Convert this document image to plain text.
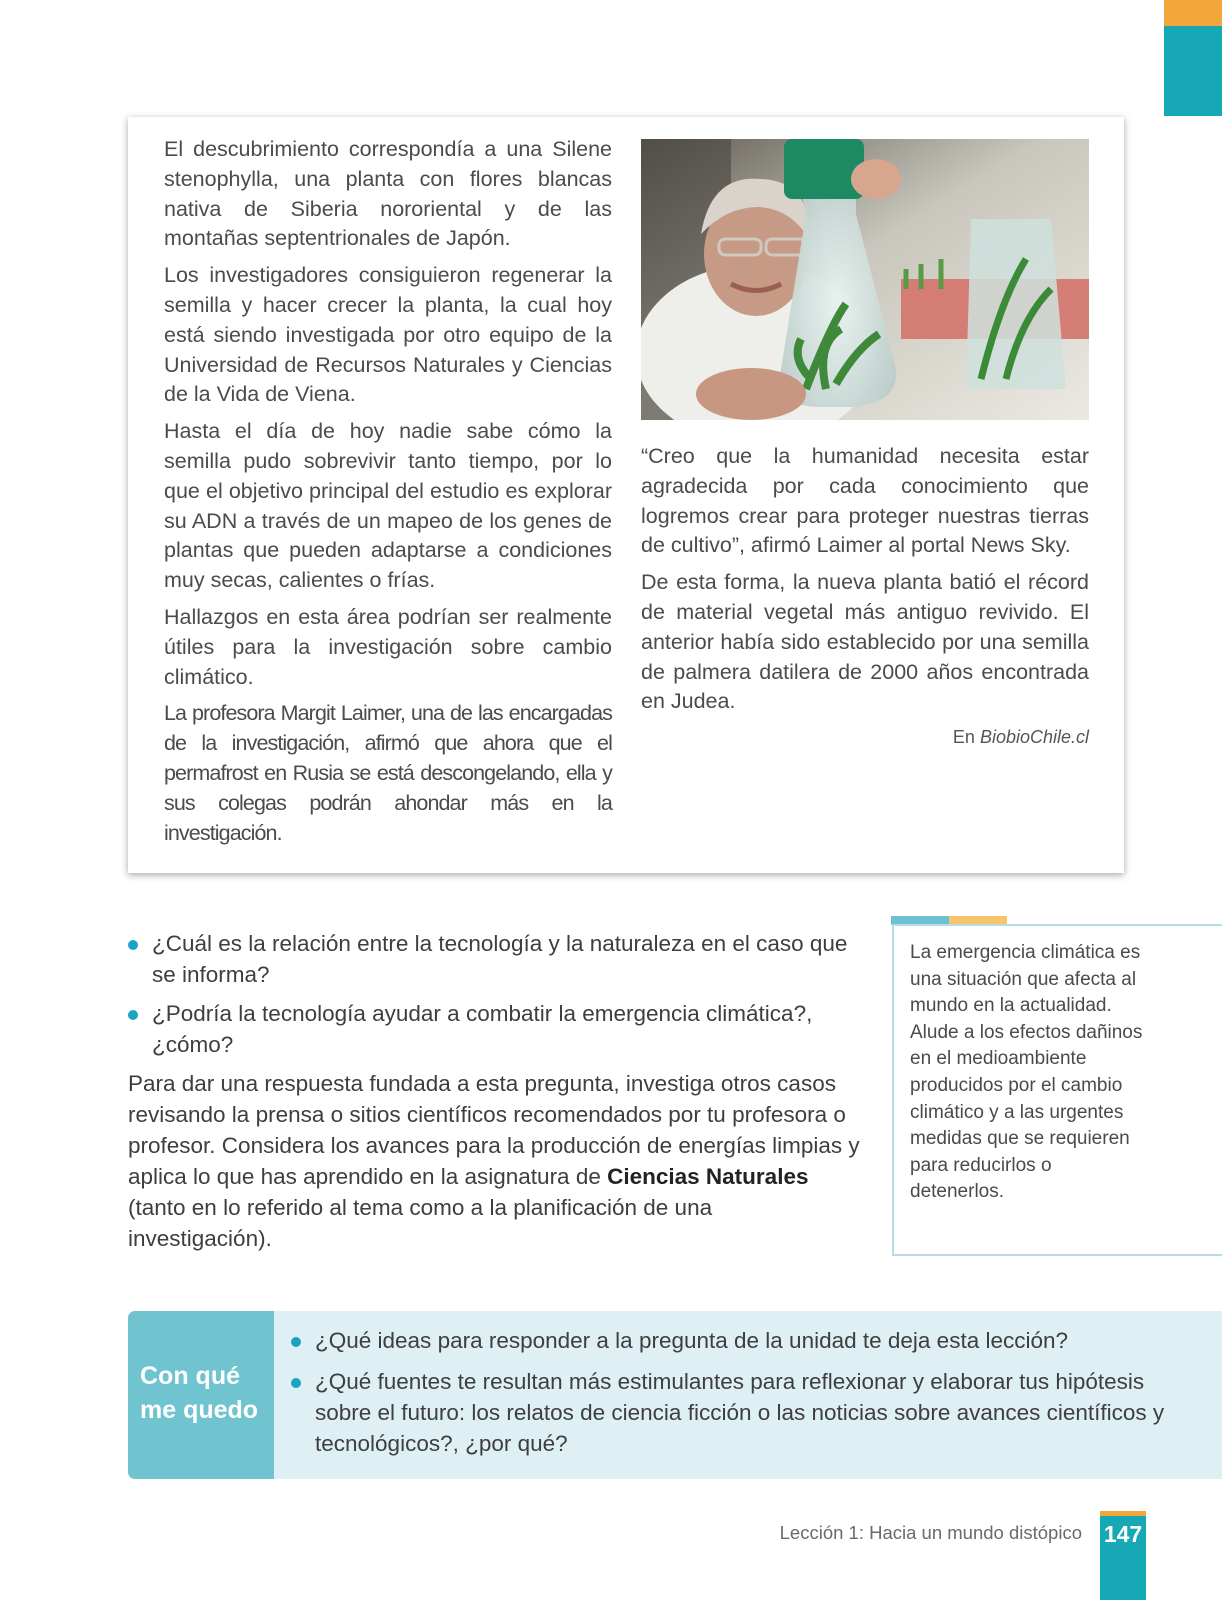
El descubrimiento correspondía a una Silene stenophylla, una planta con flores blancas nativa de Siberia nororiental y de las montañas septentrionales de Japón.

Los investigadores consiguieron regenerar la semilla y hacer crecer la planta, la cual hoy está siendo investigada por otro equipo de la Universidad de Recursos Naturales y Ciencias de la Vida de Viena.

Hasta el día de hoy nadie sabe cómo la semilla pudo sobrevivir tanto tiempo, por lo que el objetivo principal del estudio es explorar su ADN a través de un mapeo de los genes de plantas que pueden adaptarse a condiciones muy secas, calientes o frías.

Hallazgos en esta área podrían ser realmente útiles para la investigación sobre cambio climático.

La profesora Margit Laimer, una de las encargadas de la investigación, afirmó que ahora que el permafrost en Rusia se está descongelando, ella y sus colegas podrán ahondar más en la investigación.

“Creo que la humanidad necesita estar agradecida por cada conocimiento que logremos crear para proteger nuestras tierras de cultivo”, afirmó Laimer al portal News Sky.

De esta forma, la nueva planta batió el récord de material vegetal más antiguo revivido. El anterior había sido establecido por una semilla de palmera datilera de 2000 años encontrada en Judea.

En BiobioChile.cl
¿Cuál es la relación entre la tecnología y la naturaleza en el caso que se informa?
¿Podría la tecnología ayudar a combatir la emergencia climática?, ¿cómo?
Para dar una respuesta fundada a esta pregunta, investiga otros casos revisando la prensa o sitios científicos recomendados por tu profesora o profesor. Considera los avances para la producción de energías limpias y aplica lo que has aprendido en la asignatura de Ciencias Naturales (tanto en lo referido al tema como a la planificación de una investigación).
La emergencia climática es una situación que afecta al mundo en la actualidad. Alude a los efectos dañinos en el medioambiente producidos por el cambio climático y a las urgentes medidas que se requieren para reducirlos o detenerlos.
Con qué
me quedo
¿Qué ideas para responder a la pregunta de la unidad te deja esta lección?
¿Qué fuentes te resultan más estimulantes para reflexionar y elaborar tus hipótesis sobre el futuro: los relatos de ciencia ficción o las noticias sobre avances científicos y tecnológicos?, ¿por qué?
Lección 1: Hacia un mundo distópico 147
